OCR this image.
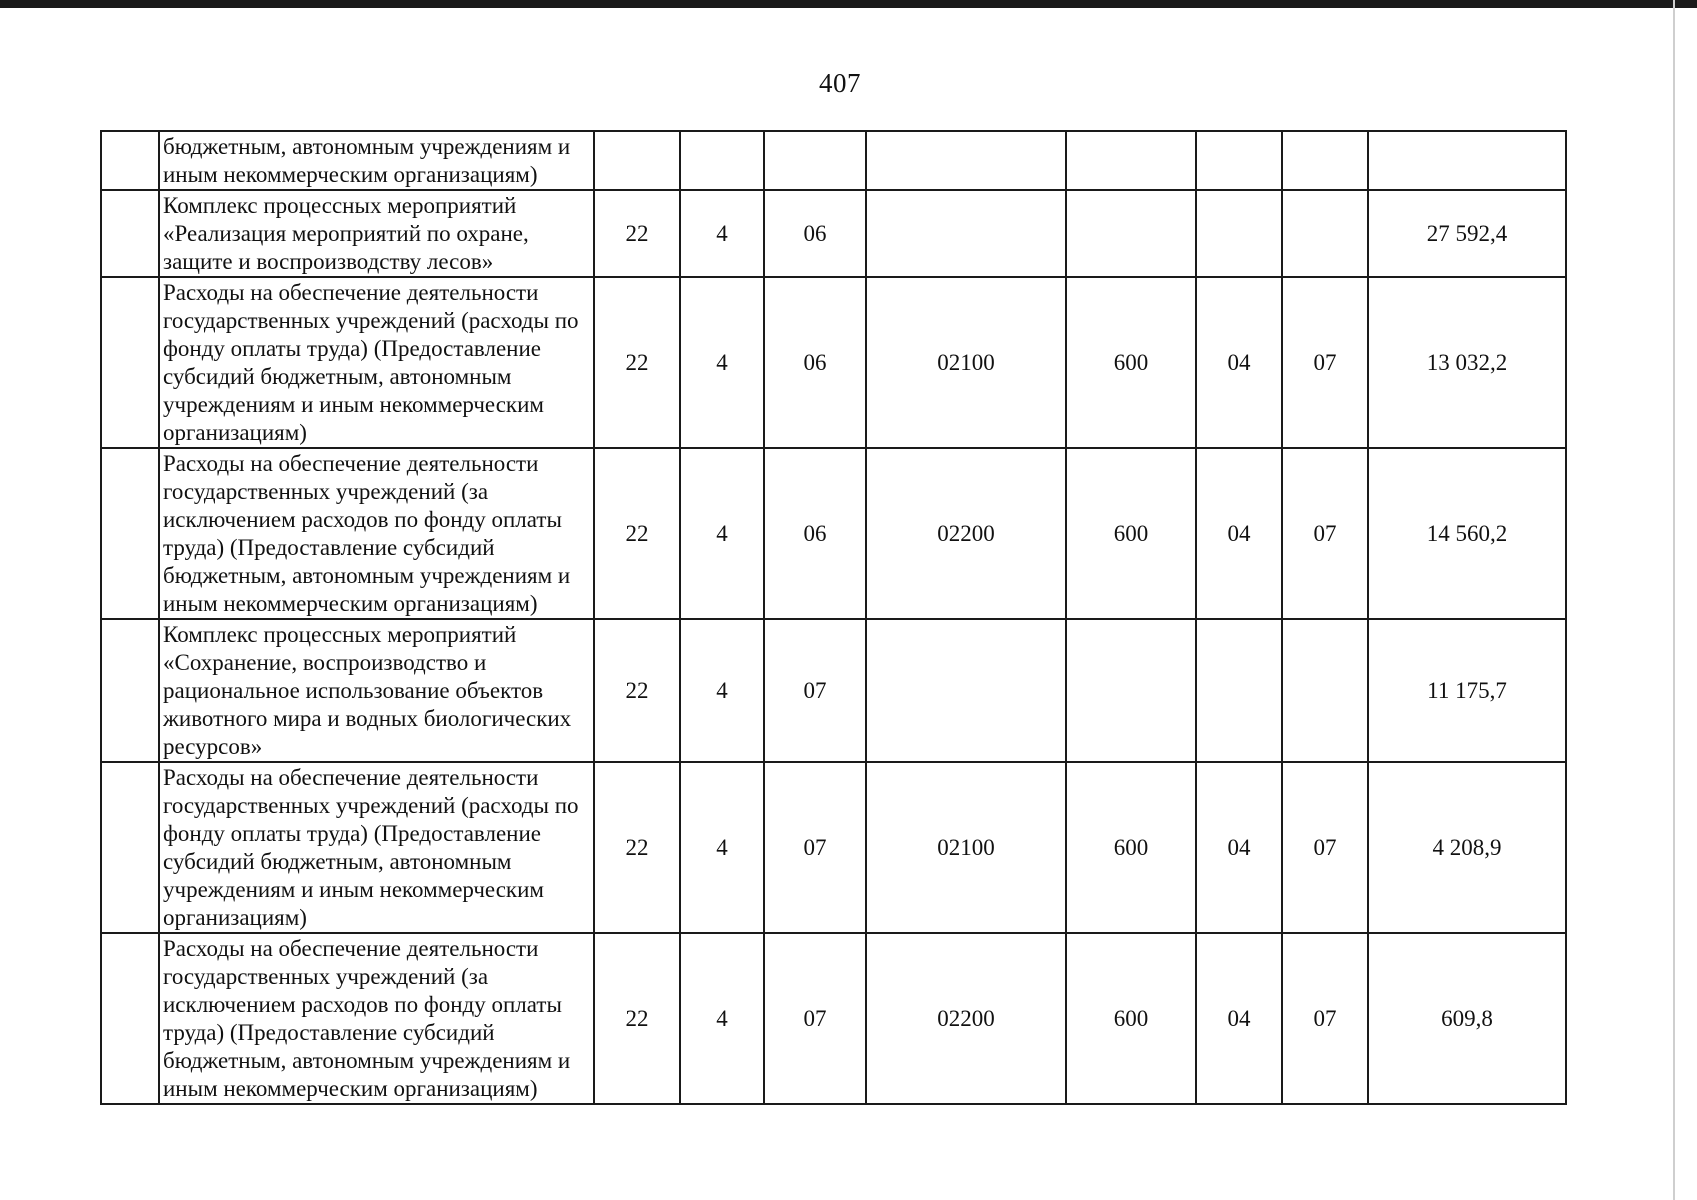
407
	бюджетным, автономным учреждениям и иным некоммерческим организациям)								
	Комплекс процессных мероприятий «Реализация мероприятий по охране, защите и воспроизводству лесов»	22	4	06					27 592,4
	Расходы на обеспечение деятельности государственных учреждений (расходы по фонду оплаты труда) (Предоставление субсидий бюджетным, автономным учреждениям и иным некоммерческим организациям)	22	4	06	02100	600	04	07	13 032,2
	Расходы на обеспечение деятельности государственных учреждений (за исключением расходов по фонду оплаты труда) (Предоставление субсидий бюджетным, автономным учреждениям и иным некоммерческим организациям)	22	4	06	02200	600	04	07	14 560,2
	Комплекс процессных мероприятий «Сохранение, воспроизводство и рациональное использование объектов животного мира и водных биологических ресурсов»	22	4	07					11 175,7
	Расходы на обеспечение деятельности государственных учреждений (расходы по фонду оплаты труда) (Предоставление субсидий бюджетным, автономным учреждениям и иным некоммерческим организациям)	22	4	07	02100	600	04	07	4 208,9
	Расходы на обеспечение деятельности государственных учреждений (за исключением расходов по фонду оплаты труда) (Предоставление субсидий бюджетным, автономным учреждениям и иным некоммерческим организациям)	22	4	07	02200	600	04	07	609,8
